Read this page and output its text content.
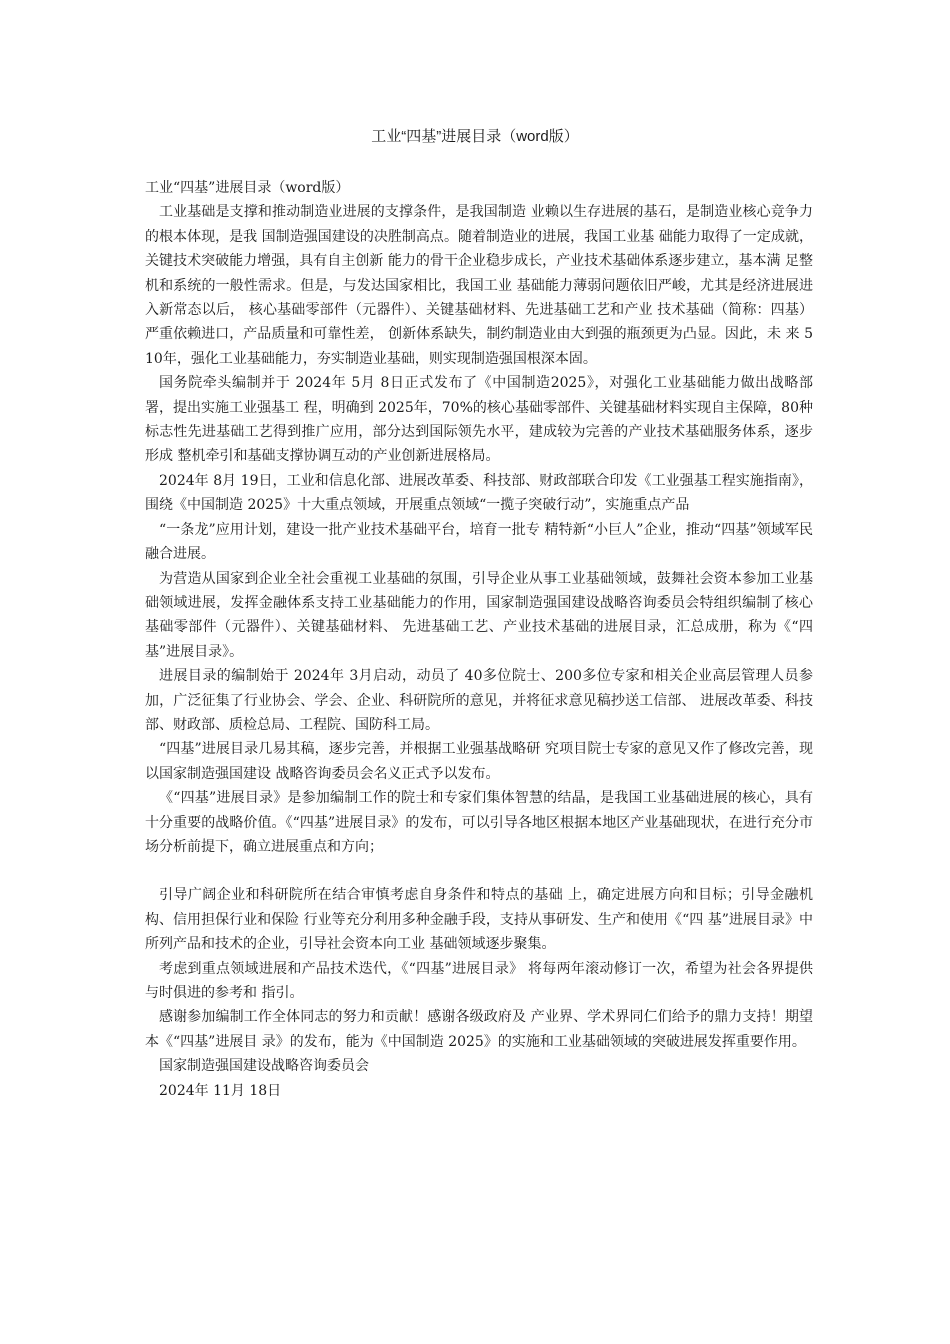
工业“四基”进展目录（word版）

工业“四基”进展目录（word版）

工业基础是支撑和推动制造业进展的支撑条件，是我国制造 业赖以生存进展的基石，是制造业核心竞争力的根本体现，是我 国制造强国建设的决胜制高点。随着制造业的进展，我国工业基 础能力取得了一定成就，关键技术突破能力增强，具有自主创新 能力的骨干企业稳步成长，产业技术基础体系逐步建立，基本满 足整机和系统的一般性需求。但是，与发达国家相比，我国工业 基础能力薄弱问题依旧严峻，尤其是经济进展进入新常态以后， 核心基础零部件（元器件）、关键基础材料、先进基础工艺和产业 技术基础（简称：四基）严重依赖进口，产品质量和可靠性差， 创新体系缺失，制约制造业由大到强的瓶颈更为凸显。因此，未 来 510年，强化工业基础能力，夯实制造业基础，则实现制造强国根深本固。

国务院牵头编制并于 2024年 5月 8日正式发布了《中国制造2025》，对强化工业基础能力做出战略部署，提出实施工业强基工 程，明确到 2025年，70%的核心基础零部件、关键基础材料实现自主保障，80种标志性先进基础工艺得到推广应用，部分达到国际领先水平，建成较为完善的产业技术基础服务体系，逐步形成 整机牵引和基础支撑协调互动的产业创新进展格局。

2024年 8月 19日，工业和信息化部、进展改革委、科技部、财政部联合印发《工业强基工程实施指南》，围绕《中国制造 2025》十大重点领域，开展重点领域“一揽子突破行动”，实施重点产品

“一条龙”应用计划，建设一批产业技术基础平台，培育一批专 精特新“小巨人”企业，推动“四基”领域军民融合进展。

为营造从国家到企业全社会重视工业基础的氛围，引导企业从事工业基础领域，鼓舞社会资本参加工业基础领域进展，发挥金融体系支持工业基础能力的作用，国家制造强国建设战略咨询委员会特组织编制了核心基础零部件（元器件）、关键基础材料、 先进基础工艺、产业技术基础的进展目录，汇总成册，称为《“四基”进展目录》。

进展目录的编制始于 2024年 3月启动，动员了 40多位院士、200多位专家和相关企业高层管理人员参加，广泛征集了行业协会、学会、企业、科研院所的意见，并将征求意见稿抄送工信部、 进展改革委、科技部、财政部、质检总局、工程院、国防科工局。

“四基”进展目录几易其稿，逐步完善，并根据工业强基战略研 究项目院士专家的意见又作了修改完善，现以国家制造强国建设 战略咨询委员会名义正式予以发布。

《“四基”进展目录》是参加编制工作的院士和专家们集体智慧的结晶，是我国工业基础进展的核心，具有十分重要的战略价值。《“四基”进展目录》的发布，可以引导各地区根据本地区产业基础现状，在进行充分市场分析前提下，确立进展重点和方向；

引导广阔企业和科研院所在结合审慎考虑自身条件和特点的基础 上，确定进展方向和目标；引导金融机构、信用担保行业和保险 行业等充分利用多种金融手段，支持从事研发、生产和使用《“四 基”进展目录》中所列产品和技术的企业，引导社会资本向工业 基础领域逐步聚集。

考虑到重点领域进展和产品技术迭代，《“四基”进展目录》 将每两年滚动修订一次，希望为社会各界提供与时俱进的参考和 指引。

感谢参加编制工作全体同志的努力和贡献！感谢各级政府及 产业界、学术界同仁们给予的鼎力支持！期望本《“四基”进展目 录》的发布，能为《中国制造 2025》的实施和工业基础领域的突破进展发挥重要作用。

国家制造强国建设战略咨询委员会

2024年 11月 18日
